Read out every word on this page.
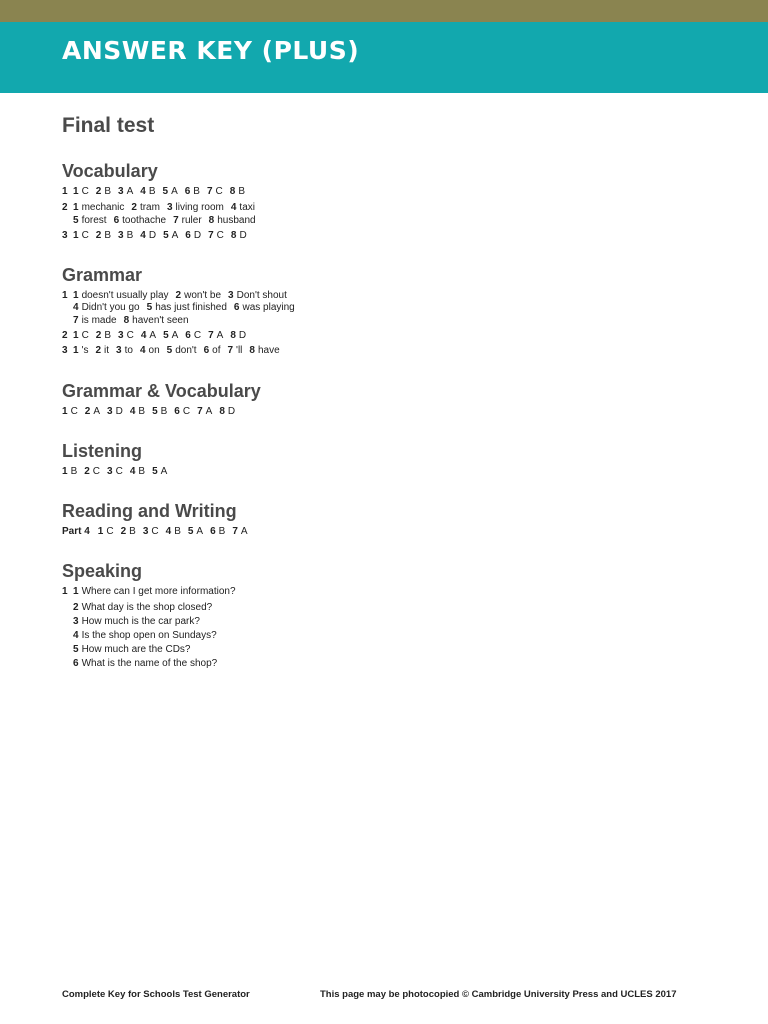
ANSWER KEY (PLUS)
Final test
Vocabulary
1 1 C 2 B 3 A 4 B 5 A 6 B 7 C 8 B
2 1 mechanic 2 tram 3 living room 4 taxi
5 forest 6 toothache 7 ruler 8 husband
3 1 C 2 B 3 B 4 D 5 A 6 D 7 C 8 D
Grammar
1 1 doesn't usually play 2 won't be 3 Don't shout
4 Didn't you go 5 has just finished 6 was playing
7 is made 8 haven't seen
2 1 C 2 B 3 C 4 A 5 A 6 C 7 A 8 D
3 1 's 2 it 3 to 4 on 5 don't 6 of 7 'll 8 have
Grammar & Vocabulary
1 C 2 A 3 D 4 B 5 B 6 C 7 A 8 D
Listening
1 B 2 C 3 C 4 B 5 A
Reading and Writing
Part 4 1 C 2 B 3 C 4 B 5 A 6 B 7 A
Speaking
1 1 Where can I get more information?
2 What day is the shop closed?
3 How much is the car park?
4 Is the shop open on Sundays?
5 How much are the CDs?
6 What is the name of the shop?
Complete Key for Schools Test Generator	This page may be photocopied © Cambridge University Press and UCLES 2017
